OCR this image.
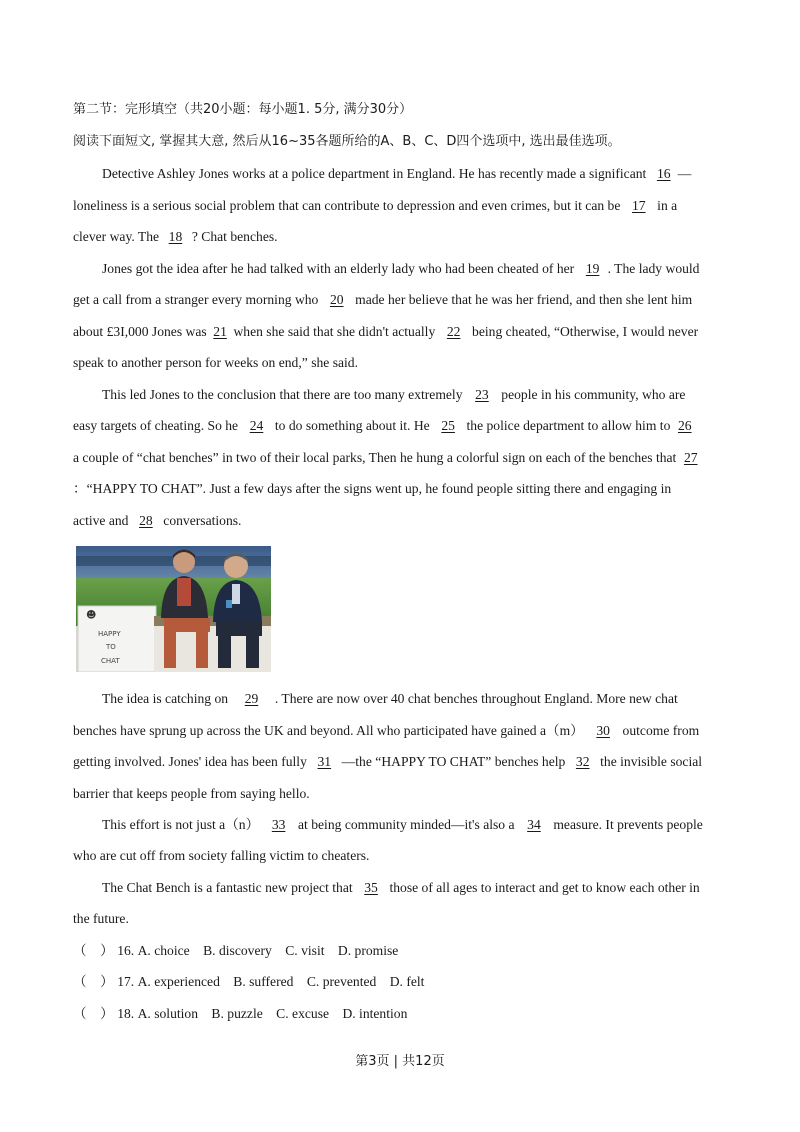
第二节：完形填空（共20小题：每小题1. 5分, 满分30分）
阅读下面短文, 掌握其大意, 然后从16~35各题所给的A、B、C、D四个选项中, 选出最佳选项。
Detective Ashley Jones works at a police department in England. He has recently made a significant 16 —
loneliness is a serious social problem that can contribute to depression and even crimes, but it can be 17 in a
clever way. The 18 ? Chat benches.
Jones got the idea after he had talked with an elderly lady who had been cheated of her 19 . The lady would
get a call from a stranger every morning who 20 made her believe that he was her friend, and then she lent him
about £3I,000 Jones was 21 when she said that she didn't actually 22 being cheated, “Otherwise, I would never
speak to another person for weeks on end,” she said.
This led Jones to the conclusion that there are too many extremely 23 people in his community, who are
easy targets of cheating. So he 24 to do something about it. He 25 the police department to allow him to 26
a couple of “chat benches” in two of their local parks, Then he hung a colorful sign on each of the benches that 27
：“HAPPY TO CHAT”. Just a few days after the signs went up, he found people sitting there and engaging in
active and 28 conversations.
☻
HAPPY
TO
CHAT
The idea is catching on 29 . There are now over 40 chat benches throughout England. More new chat
benches have sprung up across the UK and beyond. All who participated have gained a（m） 30 outcome from
getting involved. Jones' idea has been fully 31 —the “HAPPY TO CHAT” benches help 32 the invisible social
barrier that keeps people from saying hello.
This effort is not just a（n） 33 at being community minded—it's also a 34 measure. It prevents people
who are cut off from society falling victim to cheaters.
The Chat Bench is a fantastic new project that 35 those of all ages to interact and get to know each other in
the future.
（　） 16. A. choice B. discovery C. visit D. promise
（　） 17. A. experienced B. suffered C. prevented D. felt
（　） 18. A. solution B. puzzle C. excuse D. intention
第3页 | 共12页
